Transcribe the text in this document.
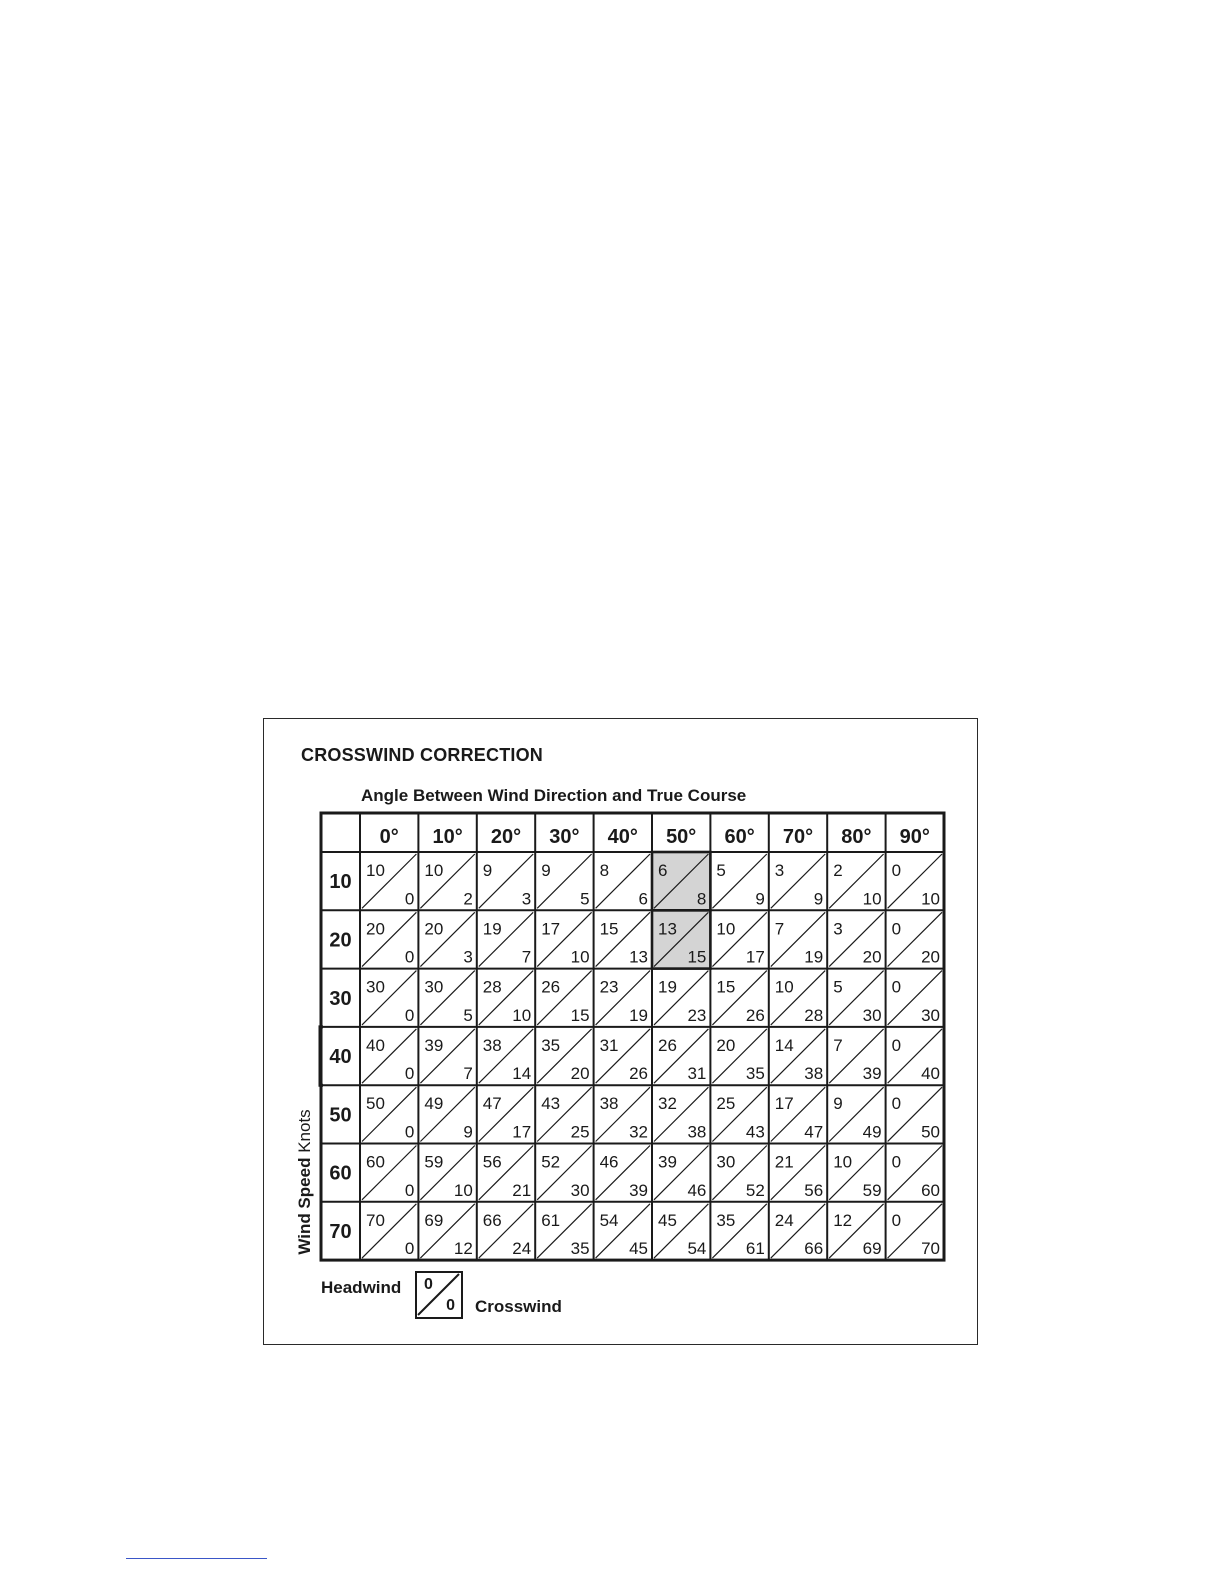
CROSSWIND CORRECTION
Angle Between Wind Direction and True Course
Wind Speed Knots
0° 10° 20° 30° 40° 50° 60° 70° 80° 90°
10
20
30
40
50
60
70
10
0
10
2
9
3
9
5
8
6
6
8
5
9
3
9
2
10
0
10
20
0
20
3
19
7
17
10
15
13
13
15
10
17
7
19
3
20
0
20
30
0
30
5
28
10
26
15
23
19
19
23
15
26
10
28
5
30
0
30
40
0
39
7
38
14
35
20
31
26
26
31
20
35
14
38
7
39
0
40
50
0
49
9
47
17
43
25
38
32
32
38
25
43
17
47
9
49
0
50
60
0
59
10
56
21
52
30
46
39
39
46
30
52
21
56
10
59
0
60
70
0
69
12
66
24
61
35
54
45
45
54
35
61
24
66
12
69
0
70
Headwind 0
0 Crosswind
